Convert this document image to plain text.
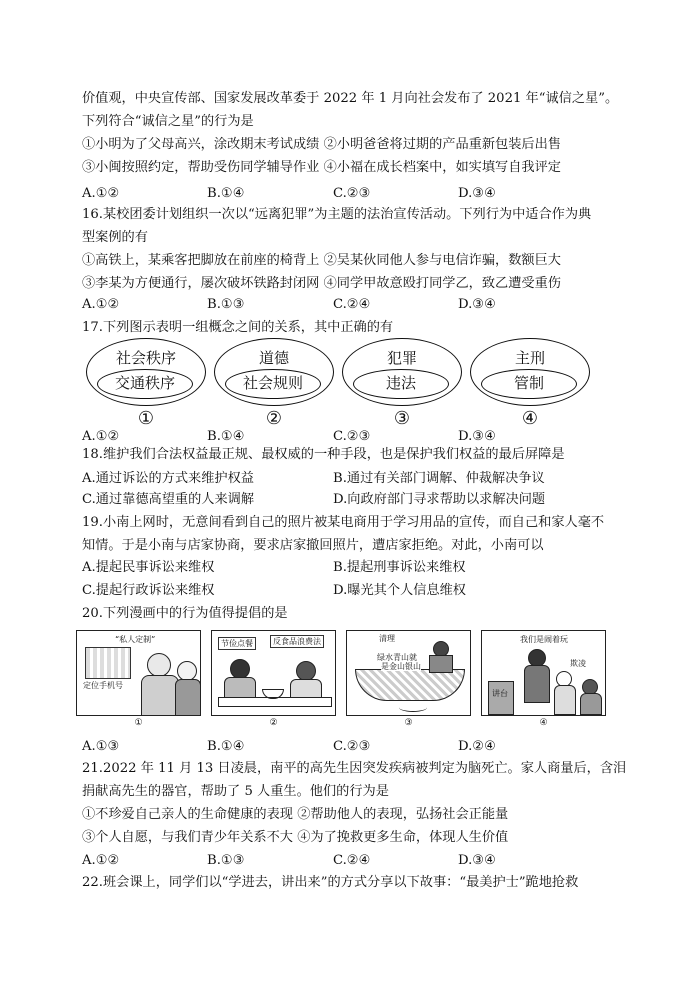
价值观，中央宣传部、国家发展改革委于 2022 年 1 月向社会发布了 2021 年“诚信之星”。
下列符合“诚信之星”的行为是
①小明为了父母高兴，涂改期末考试成绩 ②小明爸爸将过期的产品重新包装后出售
③小闽按照约定，帮助受伤同学辅导作业 ④小福在成长档案中，如实填写自我评定
A.①②	B.①④	C.②③	D.③④
16.某校团委计划组织一次以“远离犯罪”为主题的法治宣传活动。下列行为中适合作为典
型案例的有
①高铁上，某乘客把脚放在前座的椅背上 ②吴某伙同他人参与电信诈骗，数额巨大
③李某为方便通行，屡次破坏铁路封闭网 ④同学甲故意殴打同学乙，致乙遭受重伤
A.①②	B.①③	C.②④	D.③④
17.下列图示表明一组概念之间的关系，其中正确的有
社会秩序
交通秩序
①
道德
社会规则
②
犯罪
违法
③
主刑
管制
④
A.①②	B.①④	C.②③	D.③④
18.维护我们合法权益最正规、最权威的一种手段，也是保护我们权益的最后屏障是
A.通过诉讼的方式来维护权益	B.通过有关部门调解、仲裁解决争议
C.通过靠德高望重的人来调解	D.向政府部门寻求帮助以求解决问题
19.小南上网时，无意间看到自己的照片被某电商用于学习用品的宣传，而自己和家人毫不
知情。于是小南与店家协商，要求店家撤回照片，遭店家拒绝。对此，小南可以
A.提起民事诉讼来维权	B.提起刑事诉讼来维权
C.提起行政诉讼来维权	D.曝光其个人信息维权
20.下列漫画中的行为值得提倡的是
“私人定制”
定位手机号
①
节俭点餐	反食品浪费法
②
清理
绿水青山就
是金山银山
③
我们是闹着玩
欺凌
讲台
④
A.①③	B.①④	C.②③	D.②④
21.2022 年 11 月 13 日凌晨，南平的高先生因突发疾病被判定为脑死亡。家人商量后，含泪
捐献高先生的器官，帮助了 5 人重生。他们的行为是
①不珍爱自己亲人的生命健康的表现 ②帮助他人的表现，弘扬社会正能量
③个人自愿，与我们青少年关系不大 ④为了挽救更多生命，体现人生价值
A.①②	B.①③	C.②④	D.③④
22.班会课上，同学们以“学进去，讲出来”的方式分享以下故事：“最美护士”跪地抢救
